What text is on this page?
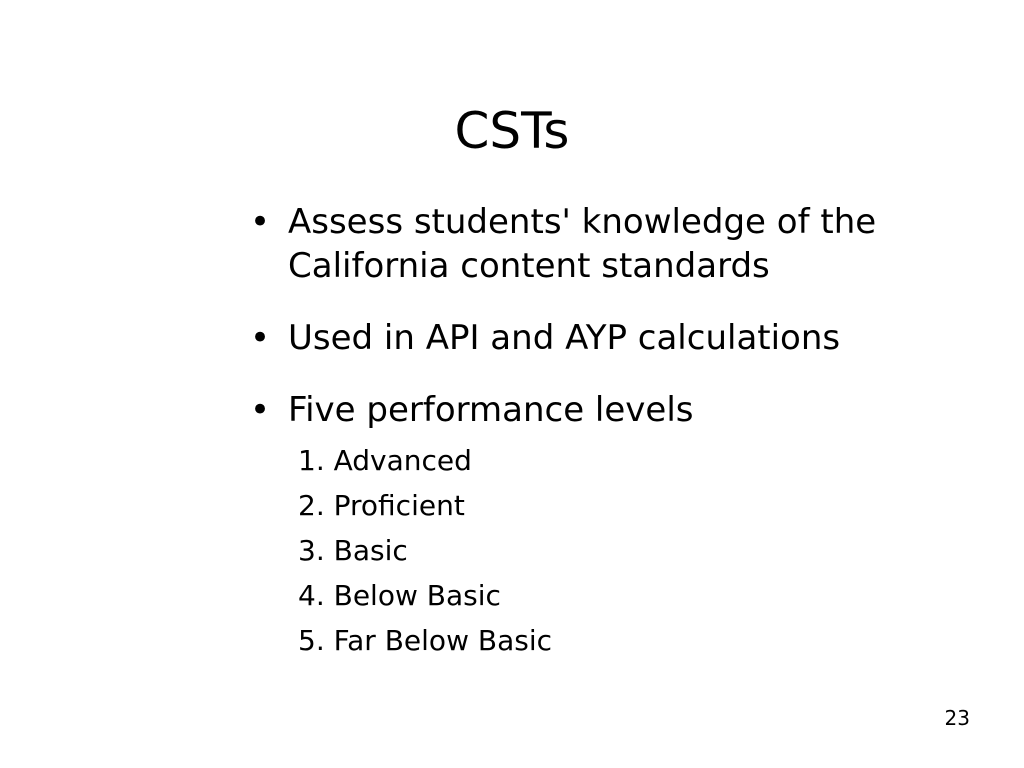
CSTs
• Assess students' knowledge of the California content standards
• Used in API and AYP calculations
• Five performance levels
1. Advanced
2. Proficient
3. Basic
4. Below Basic
5. Far Below Basic
23
